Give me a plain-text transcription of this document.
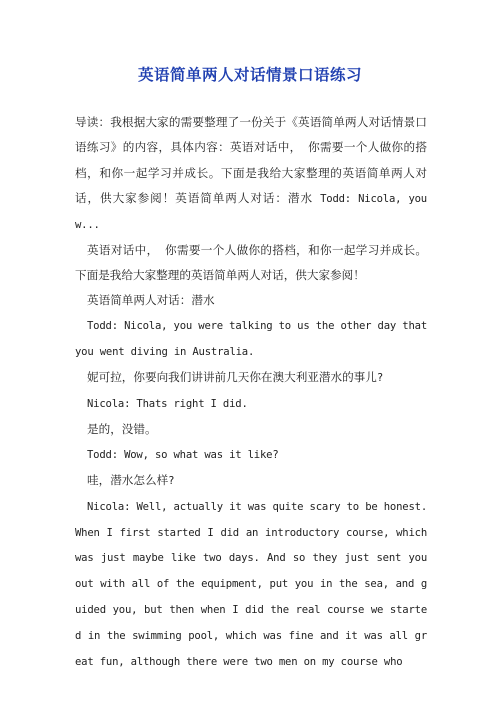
英语简单两人对话情景口语练习

导读：我根据大家的需要整理了一份关于《英语简单两人对话情景口语练习》的内容，具体内容：英语对话中， 你需要一个人做你的搭档，和你一起学习并成长。下面是我给大家整理的英语简单两人对话，供大家参阅！英语简单两人对话：潜水 Todd: Nicola, you w...

英语对话中， 你需要一个人做你的搭档，和你一起学习并成长。下面是我给大家整理的英语简单两人对话，供大家参阅！

英语简单两人对话：潜水

Todd: Nicola, you were talking to us the other day that you went diving in Australia.

妮可拉，你要向我们讲讲前几天你在澳大利亚潜水的事儿?

Nicola: Thats right I did.

是的，没错。

Todd: Wow, so what was it like?

哇，潜水怎么样?

Nicola: Well, actually it was quite scary to be honest. When I first started I did an introductory course, which was just maybe like two days. And so they just sent you out with all of the equipment, put you in the sea, and guided you, but then when I did the real course we started in the swimming pool, which was fine and it was all great fun, although there were two men on my course who
